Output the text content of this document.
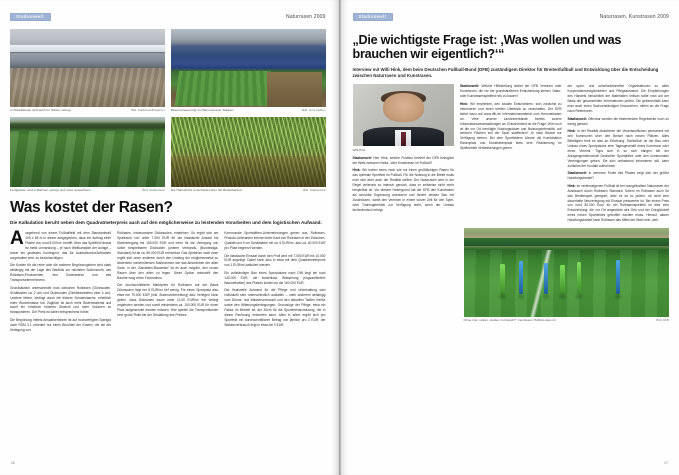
Stadionwelt	Naturrasen 2009
In Rückbauzeit wird auch im Winter verlegt	Bild: Stadionwelt/Agentur Rasenerneuerung im Hannoveraner Stadion	Bild: Jens Steffen
Fertigrasen wird in Bahnen verlegt und muss anwachsen	Bild: Stadionwelt Die Halmdichte entscheidet über die Belastbarkeit	Bild: Stadionwelt
Was kostet der Rasen?
Die Kalkulation beruht neben dem Quadratmeterpreis auch auf den möglicherweise zu leistenden Vorarbeiten und dem logistischen Aufwand.

Ausgehend von einem Fußballfeld mit dem Standardmaß 105 x 68 m in dieser ausgeglichen, dass ein Auftrag einer Fläche von rund 8.000 m² betrifft. Über das Spielfeld hinaus ist meist Umrandung – je nach Wettkampfart der Anlage – sowie ein gewisses Kontingent, das für Auslaufzonen/Aufbauten vorgehalten wird, zu berücksichtigen.

Die Kosten für die reine oder die anderen Begrünungsform sind stark abhängig mit der Lage des Bauteils zur nächsten Sodenzucht, des Rollrasen-Produzenten, des Sodenwerks und des Transportunternehmens.

Grundsätzlich unterscheidet man zwischen Rollrasen (Dünnsoden, Schälsoden ca. 2 cm) und Dickesoden (Dickfeldarbeiten über 4 cm). Letztere liefern, bedingt durch die dickere Schalenlasche, erheblich mehr Wurzelmasse mit. Zugleich ist auch mehr Bodenmaterial und somit ein erheblich höheres Gewicht und mehr Volumen zu transportieren. Der Preis ist daher entsprechend höher.

Die Begrünung mittels Ansaatverfahren ist auf hochwertigem Spielgut nach RSM 3.1 erfordert nur einen Bruchteil der Kosten, die bei der Verlegung von

Rollrasen, insbesondere Dickesoden, entstehen. So ergibt sich am Spielraum von unter 7.000 EUR für die klassische Ansaat bis Startverlegung bis 150.000 EUR und mehr für die Verlegung von sofort bespielbaren Dicksoden (unterm Verbands- (Bundesliga-Standard) ist ab ca. 85.000 EUR erreichbar. Das Spektrum nach oben ergibt sich unter anderem durch den Umfang der möglicherweise zu leistenden vorbereitenden Maßnahmen wie das Abschieben der alten Sode, in der „Sandstein-Bauweise“ ist es auch möglich, den neuen Rasen über den alten zu legen. Diese Option unterwirft den Bauherrrung eines Fachmanns.

Der durchschnittliche Marktpreis für Rollrasen auf der Basis Dünnsoden liegt bei 8 EUR/m² tief wenig. Für einen Sportplatz also etwa bei 70.000 EUR (inkl. Bodenvorbereitung) also Verlegen kann gelten, dass Dicksoden kaum unter 11,50 EUR/m² frei verlegt angeboten werden und somit mindestens ca. 100.000 EUR für einen Platz aufgewendet werden müssen. Hier spielen die Transportkosten eine große Rolle bei der Gestaltung des Preises.

Kommunale Sportstätten-Unternehmungen gehen aus, Rollrasen-Produkt-Lieferanten können beim Kauf von Rollrasen in der Zwischen-Qualität und 5 cm Schälstärke mit ca. 6 EUR/m², also ca. 40.000 EUR pro Platz begrenzt werden.

Die klassische Einsaat durch den Profi wird mit 7.000 EUR bis 10.000 EUR angelegt. Dabei kann also in etwa mit dem Quadratmeterpreis von 1 EUR/m² kalkuliert werden.

Ein vollständiger Bau eines Sportplatzes nach DIN liegt bei rund 140.000 EUR, die kostenlose Wässerung (ringsachtiefere Baumeihalten) des Platzes kostet um die 160.000 EUR.

Der finanzielle Aufwand für die Pflege und Unterhaltung wird individuell sehr unterschiedlich ausfallen – unter anderem abhängig vom Dünne- und Wasserverbrauch und den aktuellen Tarifen hierfür sowie den Witterungsbedingungen. Grundzüge der Pflege, etwa ein Faktor im Betrieb ist, der 30cm für die Sportintensivnutzung, der in dieser Rechnung entworfen kann. Alles in allem ergibt sich pro Sportfeld ein durchschnittlicher Betrag von jährlich pro 2 EUR, der Wasserverbrauch liegt in etwa bei 4 EUR.

26
Stadionwelt	Naturrasen, Kunstrasen 2009
„Die wichtigste Frage ist: ‚Was wollen und was brauchen wir eigentlich?‘“
Interview mit Willi Hink, dem beim Deutschen Fußball-Bund (DFB) zuständigem Direktor für Breitenfußball und Entwicklung über die Entscheidung zwischen Naturrasen und Kunstrasen.
Willi Hink

Stadionwelt: Herr Hink, welche Position bezieht der DFB bezüglich der Wahl zwischen Natur- oder Kunstrasen im Fußball?

Hink: Wir haben einen nach wie vor einen großflächigen Rasen für das optimale Sportfeld im Fußball. Für die Nutzung in die Breite muss man sich aber auch der Realität stellen: Der Naturrasen wird in der Regel vielerorts so intensiv genutzt, dass er zeitweise nicht mehr bespielbar ist. Vor diesem Hintergrund hat der DFB den Kunstrasen als sinnvolle Ergänzung anerkannt und fördert dessen Bau mit Zuschüssen, damit den Vereinen in einem kurzer Zeit für den Spiel- oder Trainingsbetrieb zur Verfügung steht, wenn der Umbau fachmännisch erfolgt.

Stadionwelt: Welche Hilfestellung leistet der DFB Vereinen oder Kommunen, die vor der grundsätzlichen Entscheidung stehen, Natur- oder Kunstrasenspielfeld neu zu bauen?

Hink: Wir empfehlen, den lokalen Entscheidern, sich zunächst zu informieren und einen breiten Überblick zu verschaffen. Der DFB bietet dazu auf www.dfb.de Informationsmaterial zum Herunterladen an. Viele unserer Landesverbände bereits zudem Informationsveranstaltungen an. Entscheidend ist die Frage: Wie hoch ist die vor Ort benötigte Nutzungsdauer und Nutzungsintensität, auf welchen Flächen soll der Sport stattfinden? Je nach Bedarf zur Verfügung stehen. Bei dem Sportfeldern könnte die Kombination Rasenplatz und Kunstrasenplatz stets sehr Realisierung im Spielbetrieb Verbesserungen geben.

der sport- und schulfunktionellen Organisationen zu allen Kooperationsmöglichkeiten und Pflegeaufwand. Die Empfehlungen des Handels hinsichtlich der Materialien kritisch sollte man auf der Basis der gesammelten Informationen prüfen. Die gebenenfalls kann man auch einen Sachverständigen hinzuziehen, mithin an die Frage nach Referenzen.

Stadionwelt: Offenbar werden die bestehenden Regelwerke noch zu wenig genutzt.

Hink: In der Realität diskutieren die Verantwortlichen permanent mit den Kommunen über den Bedarf nach neuen Plätzen. Alles Beteiligten fehlt es also an Erfahrung. Schließlich ist der Bau oder Umbau eines Sportplatzes eine Tagesgeschäft eines Kommune oder eines Vereins. Tipps sich in so sich hängen bei der Anlagengemeinschaft Deutscher Sportplätze oder den kommunalen Vereinigungen geben, Sie sich umfassend informieren will, kann zunächst der Kontakt aufnehmen.

Stadionwelt: In welchem Punkt des Pfades zeigt sich der größte Handlungsbedarf?

Hink: Im vereinseigenen Fußball ist bei mangelhaftem Naturrasen der Austausch durch Rollrasen Standard. Sofern im Rollrasen auch für das Breitensport geeignet, aber es ist zu prüfen, ob nicht eine dauerhafte Neuverlegung mit Einsaat preiswerter ist. Bei einem Preis von rund 80.000 Euro für ein Rollrasenspielfeld ist dies eine Entscheidung, die vor Ort angesichts des Orts und der Dringlichkeit eines neuen Sportfeldes getroffen werden muss. Hierauf, akuter Handlungsbedarf kann Rollrasen das Mittel der Wahl sein, weil

Ohne zum netten „Außen zu brauch?“ hat diesen Hobbits das mit	Bild: DFB
27
